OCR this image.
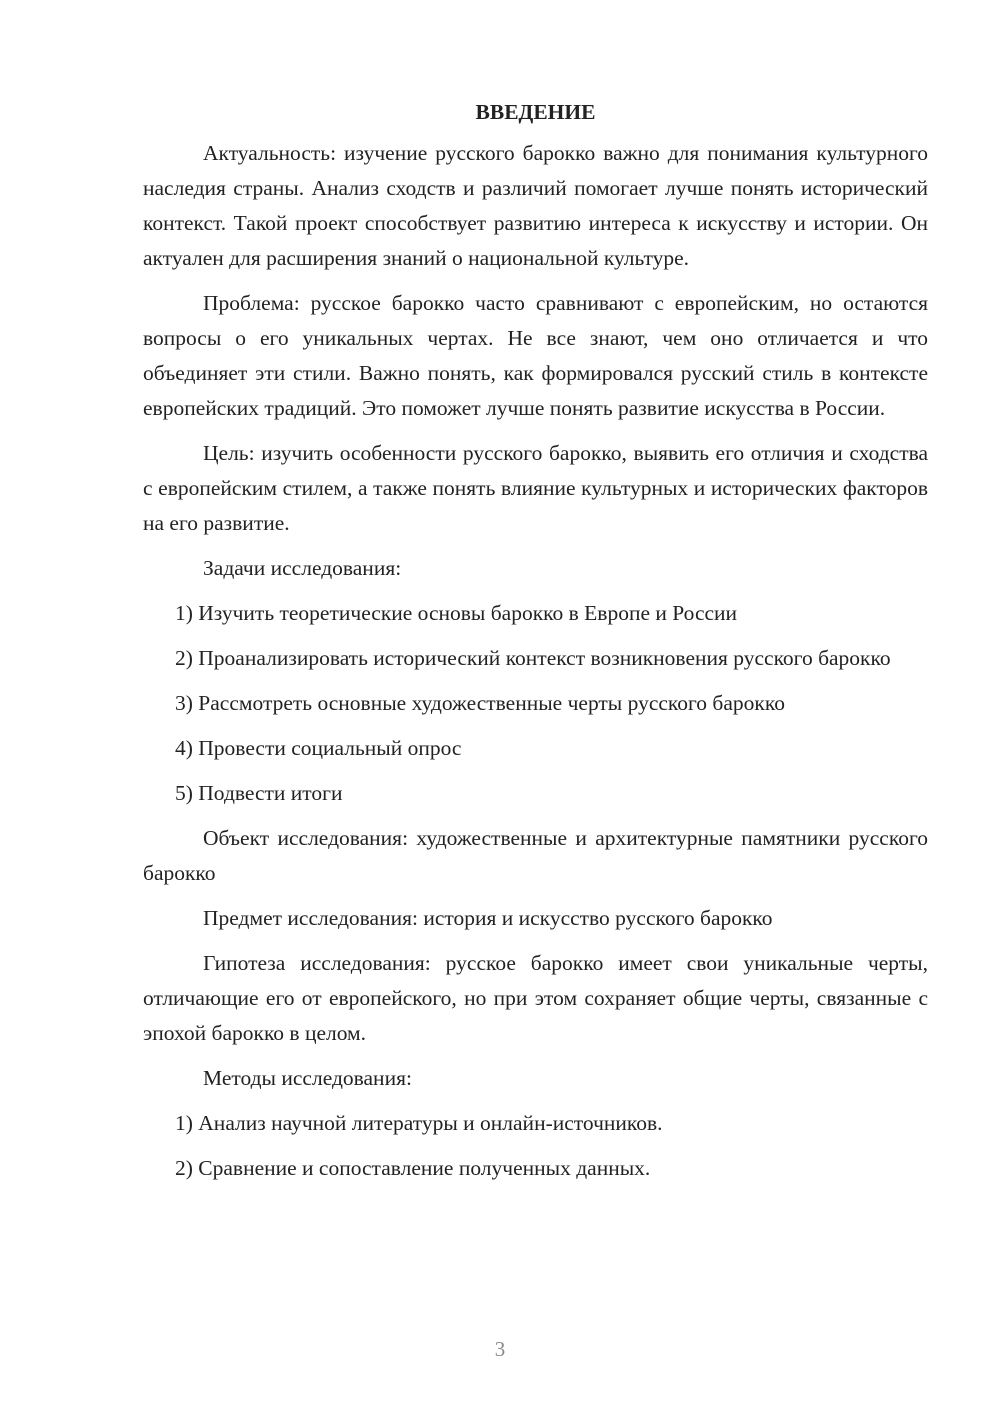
ВВЕДЕНИЕ

Актуальность: изучение русского барокко важно для понимания культурного наследия страны. Анализ сходств и различий помогает лучше понять исторический контекст. Такой проект способствует развитию интереса к искусству и истории. Он актуален для расширения знаний о национальной культуре.

Проблема: русское барокко часто сравнивают с европейским, но остаются вопросы о его уникальных чертах. Не все знают, чем оно отличается и что объединяет эти стили. Важно понять, как формировался русский стиль в контексте европейских традиций. Это поможет лучше понять развитие искусства в России.

Цель: изучить особенности русского барокко, выявить его отличия и сходства с европейским стилем, а также понять влияние культурных и исторических факторов на его развитие.

Задачи исследования:

1) Изучить теоретические основы барокко в Европе и России

2) Проанализировать исторический контекст возникновения русского барокко

3) Рассмотреть основные художественные черты русского барокко

4) Провести социальный опрос

5) Подвести итоги

Объект исследования: художественные и архитектурные памятники русского барокко

Предмет исследования: история и искусство русского барокко

Гипотеза исследования: русское барокко имеет свои уникальные черты, отличающие его от европейского, но при этом сохраняет общие черты, связанные с эпохой барокко в целом.

Методы исследования:

1) Анализ научной литературы и онлайн-источников.

2) Сравнение и сопоставление полученных данных.

3
